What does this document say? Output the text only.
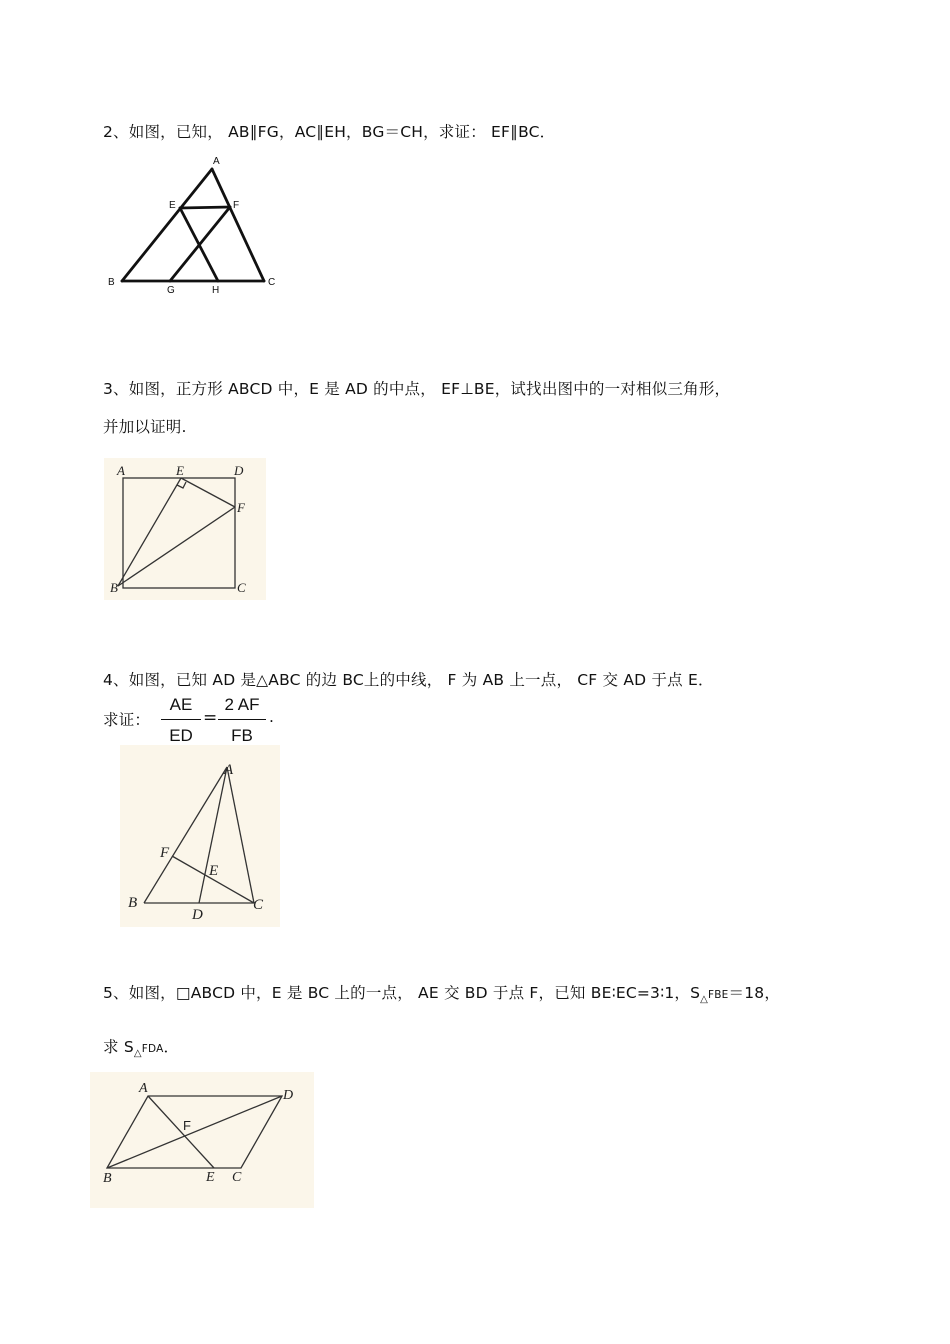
2、如图，已知， AB∥FG，AC∥EH，BG＝CH，求证： EF∥BC．
A
E	F
B	C
G	H
3、如图，正方形 ABCD 中，E 是 AD 的中点， EF⊥BE，试找出图中的一对相似三角形，
并加以证明.
A	E	D
F
B	C
4、如图，已知 AD 是△ABC 的边 BC上的中线， F 为 AB 上一点， CF 交 AD 于点 E．
求证： $\frac{AE}{ED} = \frac{2 AF}{FB}$ .
A
F
E
B
D
C
5、如图，□ABCD 中，E 是 BC 上的一点， AE 交 BD 于点 F，已知 BE∶EC=3∶1，$S_\triangle FBE=18$，
求 $S_\triangle FDA$．
A	D
F
B	E C
